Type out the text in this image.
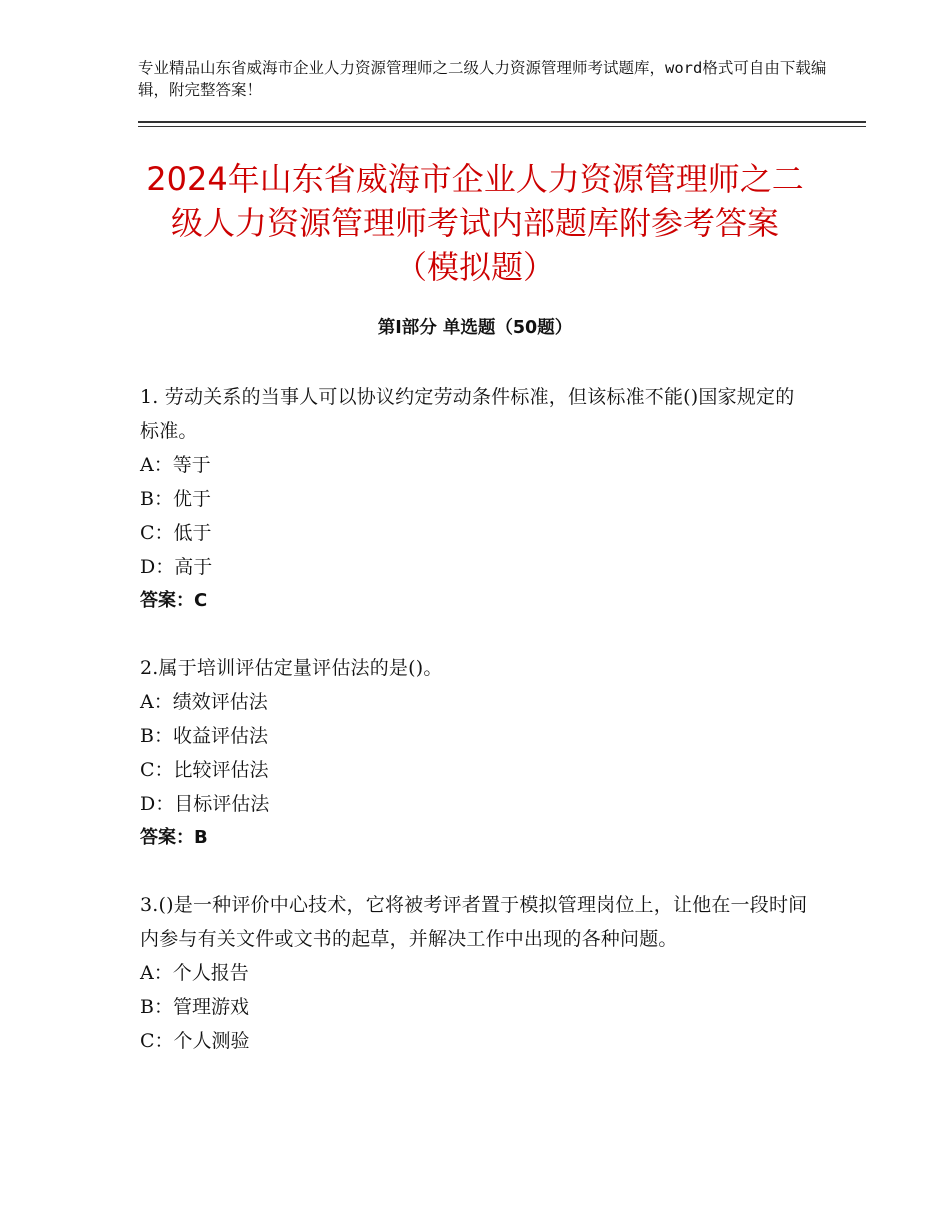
专业精品山东省威海市企业人力资源管理师之二级人力资源管理师考试题库，word格式可自由下载编辑，附完整答案！
2024年山东省威海市企业人力资源管理师之二级人力资源管理师考试内部题库附参考答案（模拟题）
第Ⅰ部分 单选题（50题）
1. 劳动关系的当事人可以协议约定劳动条件标准，但该标准不能()国家规定的标准。
A：等于
B：优于
C：低于
D：高于
答案：C
2.属于培训评估定量评估法的是()。
A：绩效评估法
B：收益评估法
C：比较评估法
D：目标评估法
答案：B
3.()是一种评价中心技术，它将被考评者置于模拟管理岗位上，让他在一段时间内参与有关文件或文书的起草，并解决工作中出现的各种问题。
A：个人报告
B：管理游戏
C：个人测验
